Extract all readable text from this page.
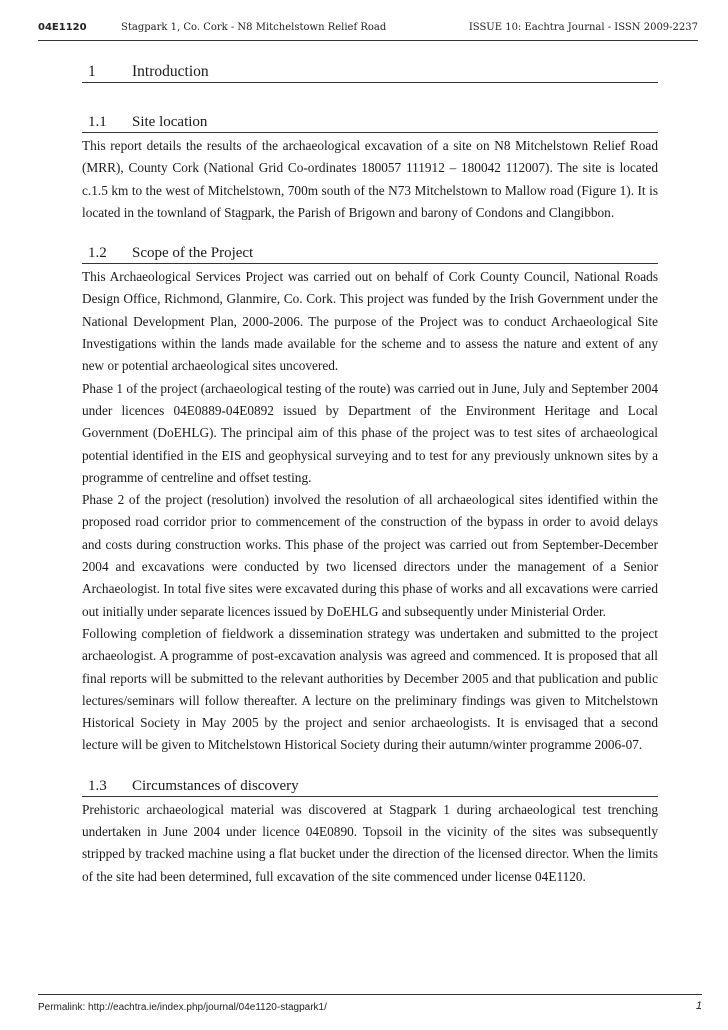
04E1120	Stagpark 1, Co. Cork - N8 Mitchelstown Relief Road	ISSUE 10: Eachtra Journal - ISSN 2009-2237
1 Introduction
1.1 Site location

This report details the results of the archaeological excavation of a site on N8 Mitchelstown Relief Road (MRR), County Cork (National Grid Co-ordinates 180057 111912 – 180042 112007). The site is located c.1.5 km to the west of Mitchelstown, 700m south of the N73 Mitchelstown to Mallow road (Figure 1). It is located in the townland of Stagpark, the Parish of Brigown and barony of Condons and Clangibbon.

1.2 Scope of the Project

This Archaeological Services Project was carried out on behalf of Cork County Council, National Roads Design Office, Richmond, Glanmire, Co. Cork. This project was funded by the Irish Government under the National Development Plan, 2000-2006. The purpose of the Project was to conduct Archaeological Site Investigations within the lands made available for the scheme and to assess the nature and extent of any new or potential archaeological sites uncovered.

Phase 1 of the project (archaeological testing of the route) was carried out in June, July and September 2004 under licences 04E0889-04E0892 issued by Department of the Environment Heritage and Local Government (DoEHLG). The principal aim of this phase of the project was to test sites of archaeological potential identified in the EIS and geophysical surveying and to test for any previously unknown sites by a programme of centreline and offset testing.

Phase 2 of the project (resolution) involved the resolution of all archaeological sites identified within the proposed road corridor prior to commencement of the construction of the bypass in order to avoid delays and costs during construction works. This phase of the project was carried out from September-December 2004 and excavations were conducted by two licensed directors under the management of a Senior Archaeologist. In total five sites were excavated during this phase of works and all excavations were carried out initially under separate licences issued by DoEHLG and subsequently under Ministerial Order.

Following completion of fieldwork a dissemination strategy was undertaken and submitted to the project archaeologist. A programme of post-excavation analysis was agreed and commenced. It is proposed that all final reports will be submitted to the relevant authorities by December 2005 and that publication and public lectures/seminars will follow thereafter. A lecture on the preliminary findings was given to Mitchelstown Historical Society in May 2005 by the project and senior archaeologists. It is envisaged that a second lecture will be given to Mitchelstown Historical Society during their autumn/winter programme 2006-07.

1.3 Circumstances of discovery

Prehistoric archaeological material was discovered at Stagpark 1 during archaeological test trenching undertaken in June 2004 under licence 04E0890. Topsoil in the vicinity of the sites was subsequently stripped by tracked machine using a flat bucket under the direction of the licensed director. When the limits of the site had been determined, full excavation of the site commenced under license 04E1120.

Permalink: http://eachtra.ie/index.php/journal/04e1120-stagpark1/	1
